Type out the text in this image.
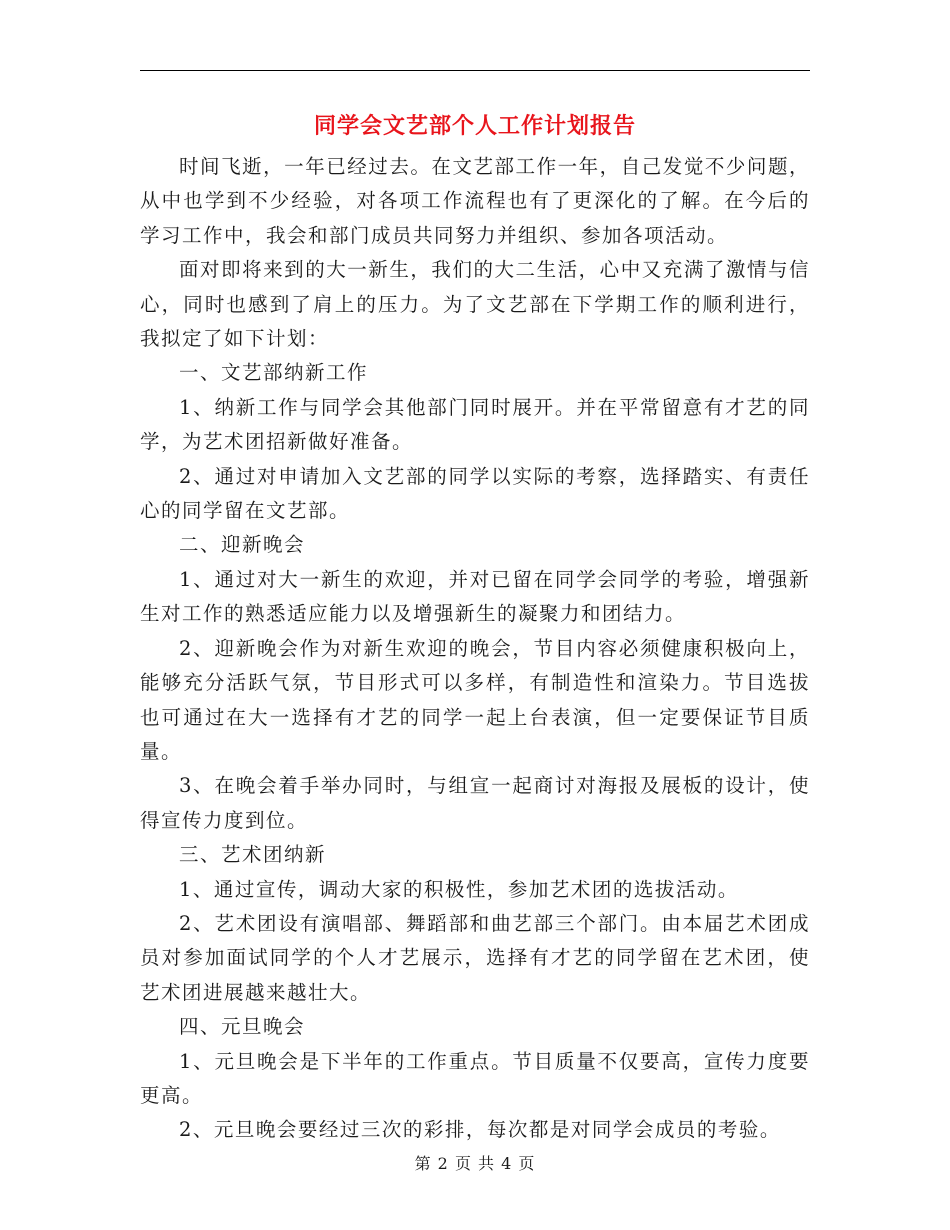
同学会文艺部个人工作计划报告

时间飞逝，一年已经过去。在文艺部工作一年，自己发觉不少问题，从中也学到不少经验，对各项工作流程也有了更深化的了解。在今后的学习工作中，我会和部门成员共同努力并组织、参加各项活动。

面对即将来到的大一新生，我们的大二生活，心中又充满了激情与信心，同时也感到了肩上的压力。为了文艺部在下学期工作的顺利进行，我拟定了如下计划：

一、文艺部纳新工作

1、纳新工作与同学会其他部门同时展开。并在平常留意有才艺的同学，为艺术团招新做好准备。

2、通过对申请加入文艺部的同学以实际的考察，选择踏实、有责任心的同学留在文艺部。

二、迎新晚会

1、通过对大一新生的欢迎，并对已留在同学会同学的考验，增强新生对工作的熟悉适应能力以及增强新生的凝聚力和团结力。

2、迎新晚会作为对新生欢迎的晚会，节目内容必须健康积极向上，能够充分活跃气氛，节目形式可以多样，有制造性和渲染力。节目选拔也可通过在大一选择有才艺的同学一起上台表演，但一定要保证节目质量。

3、在晚会着手举办同时，与组宣一起商讨对海报及展板的设计，使得宣传力度到位。

三、艺术团纳新

1、通过宣传，调动大家的积极性，参加艺术团的选拔活动。

2、艺术团设有演唱部、舞蹈部和曲艺部三个部门。由本届艺术团成员对参加面试同学的个人才艺展示，选择有才艺的同学留在艺术团，使艺术团进展越来越壮大。

四、元旦晚会

1、元旦晚会是下半年的工作重点。节目质量不仅要高，宣传力度要更高。

2、元旦晚会要经过三次的彩排，每次都是对同学会成员的考验。

第 2 页 共 4 页
